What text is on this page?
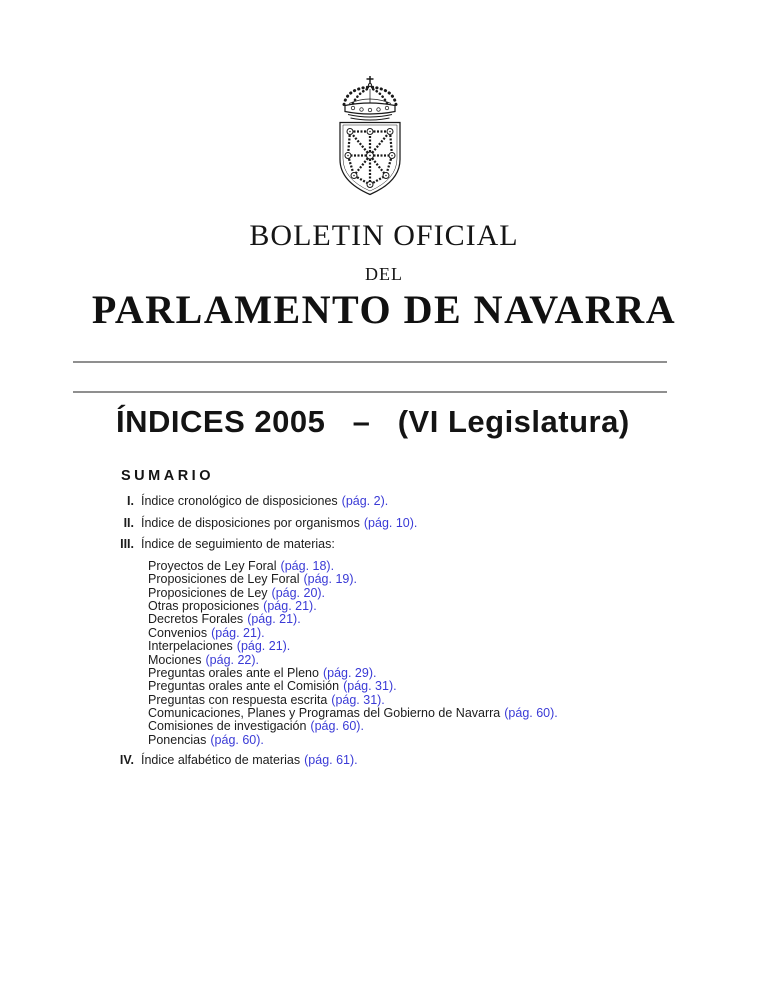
BOLETIN OFICIAL
DEL
PARLAMENTO DE NAVARRA
ÍNDICES 2005   –   (VI Legislatura)
SUMARIO
I. Índice cronológico de disposiciones (pág. 2).
II. Índice de disposiciones por organismos (pág. 10).
III. Índice de seguimiento de materias:
Proyectos de Ley Foral (pág. 18).
Proposiciones de Ley Foral (pág. 19).
Proposiciones de Ley (pág. 20).
Otras proposiciones (pág. 21).
Decretos Forales (pág. 21).
Convenios (pág. 21).
Interpelaciones (pág. 21).
Mociones (pág. 22).
Preguntas orales ante el Pleno (pág. 29).
Preguntas orales ante el Comisión (pág. 31).
Preguntas con respuesta escrita (pág. 31).
Comunicaciones, Planes y Programas del Gobierno de Navarra (pág. 60).
Comisiones de investigación (pág. 60).
Ponencias (pág. 60).
IV. Índice alfabético de materias (pág. 61).
